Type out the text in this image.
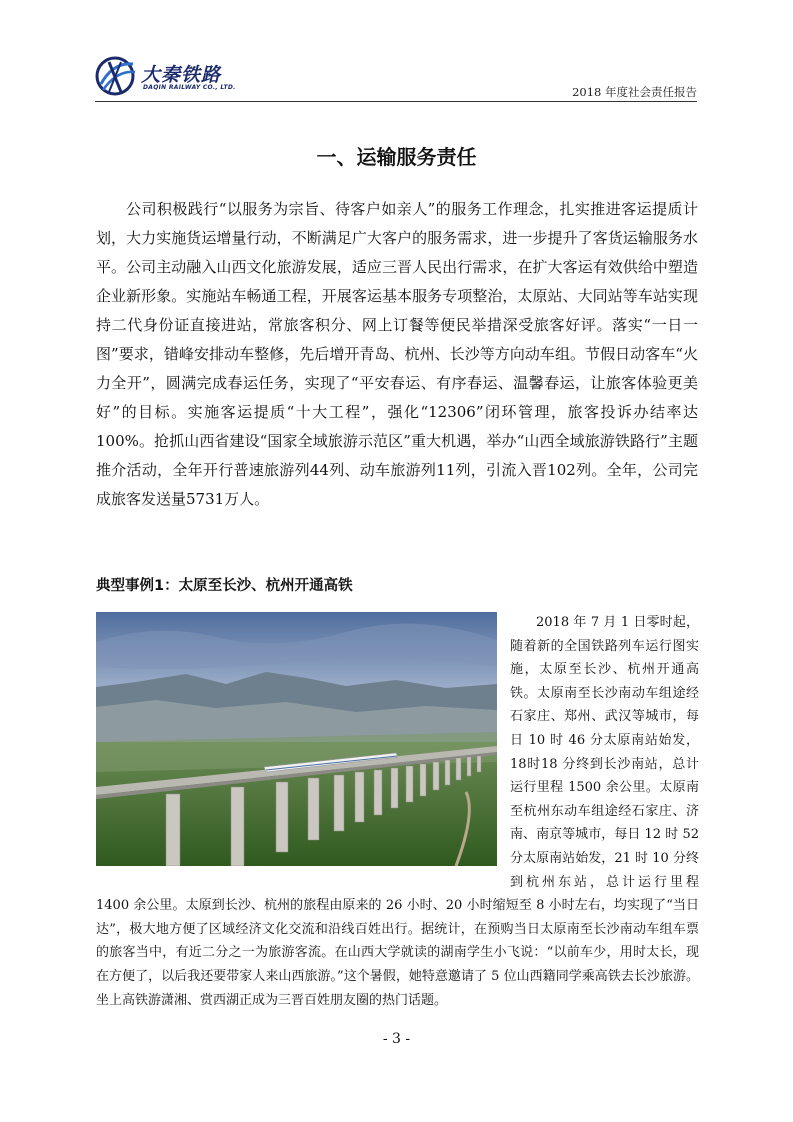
大秦铁路
DAQIN RAILWAY CO., LTD.	2018 年度社会责任报告
一、运输服务责任

公司积极践行“以服务为宗旨、待客户如亲人”的服务工作理念，扎实推进客运提质计划，大力实施货运增量行动，不断满足广大客户的服务需求，进一步提升了客货运输服务水平。公司主动融入山西文化旅游发展，适应三晋人民出行需求，在扩大客运有效供给中塑造企业新形象。实施站车畅通工程，开展客运基本服务专项整治，太原站、大同站等车站实现持二代身份证直接进站，常旅客积分、网上订餐等便民举措深受旅客好评。落实“一日一图”要求，错峰安排动车整修，先后增开青岛、杭州、长沙等方向动车组。节假日动客车“火力全开”，圆满完成春运任务，实现了“平安春运、有序春运、温馨春运，让旅客体验更美好”的目标。实施客运提质“十大工程”，强化“12306”闭环管理，旅客投诉办结率达100%。抢抓山西省建设“国家全域旅游示范区”重大机遇，举办“山西全域旅游铁路行”主题推介活动，全年开行普速旅游列44列、动车旅游列11列，引流入晋102列。全年，公司完成旅客发送量5731万人。

典型事例1：太原至长沙、杭州开通高铁

2018 年 7 月 1 日零时起，随着新的全国铁路列车运行图实施，太原至长沙、杭州开通高铁。太原南至长沙南动车组途经石家庄、郑州、武汉等城市，每日 10 时 46 分太原南站始发，18时18 分终到长沙南站，总计运行里程 1500 余公里。太原南至杭州东动车组途经石家庄、济南、南京等城市，每日 12 时 52 分太原南站始发，21 时 10 分终到杭州东站，总计运行里程 1400 余公里。太原到长沙、杭州的旅程由原来的 26 小时、20 小时缩短至 8 小时左右，均实现了“当日达”，极大地方便了区域经济文化交流和沿线百姓出行。据统计，在预购当日太原南至长沙南动车组车票的旅客当中，有近二分之一为旅游客流。在山西大学就读的湖南学生小飞说：“以前车少，用时太长，现在方便了，以后我还要带家人来山西旅游。”这个暑假，她特意邀请了 5 位山西籍同学乘高铁去长沙旅游。坐上高铁游潇湘、赏西湖正成为三晋百姓朋友圈的热门话题。

- 3 -
